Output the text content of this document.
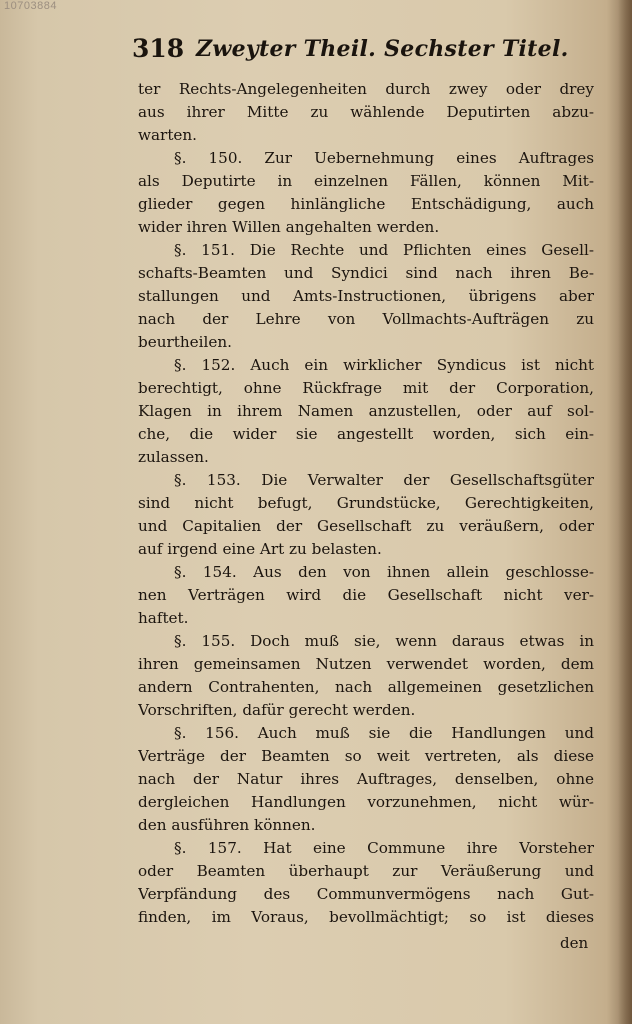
10703884
318 Zweyter Theil. Sechster Titel.
ter Rechts-Angelegenheiten durch zwey oder drey
aus ihrer Mitte zu wählende Deputirten abzu-
warten.
§. 150. Zur Uebernehmung eines Auftrages
als Deputirte in einzelnen Fällen, können Mit-
glieder gegen hinlängliche Entschädigung, auch
wider ihren Willen angehalten werden.
§. 151. Die Rechte und Pflichten eines Gesell-
schafts-Beamten und Syndici sind nach ihren Be-
stallungen und Amts-Instructionen, übrigens aber
nach der Lehre von Vollmachts-Aufträgen zu
beurtheilen.
§. 152. Auch ein wirklicher Syndicus ist nicht
berechtigt, ohne Rückfrage mit der Corporation,
Klagen in ihrem Namen anzustellen, oder auf sol-
che, die wider sie angestellt worden, sich ein-
zulassen.
§. 153. Die Verwalter der Gesellschaftsgüter
sind nicht befugt, Grundstücke, Gerechtigkeiten,
und Capitalien der Gesellschaft zu veräußern, oder
auf irgend eine Art zu belasten.
§. 154. Aus den von ihnen allein geschlosse-
nen Verträgen wird die Gesellschaft nicht ver-
haftet.
§. 155. Doch muß sie, wenn daraus etwas in
ihren gemeinsamen Nutzen verwendet worden, dem
andern Contrahenten, nach allgemeinen gesetzlichen
Vorschriften, dafür gerecht werden.
§. 156. Auch muß sie die Handlungen und
Verträge der Beamten so weit vertreten, als diese
nach der Natur ihres Auftrages, denselben, ohne
dergleichen Handlungen vorzunehmen, nicht wür-
den ausführen können.
§. 157. Hat eine Commune ihre Vorsteher
oder Beamten überhaupt zur Veräußerung und
Verpfändung des Communvermögens nach Gut-
finden, im Voraus, bevollmächtigt; so ist dieses
den
